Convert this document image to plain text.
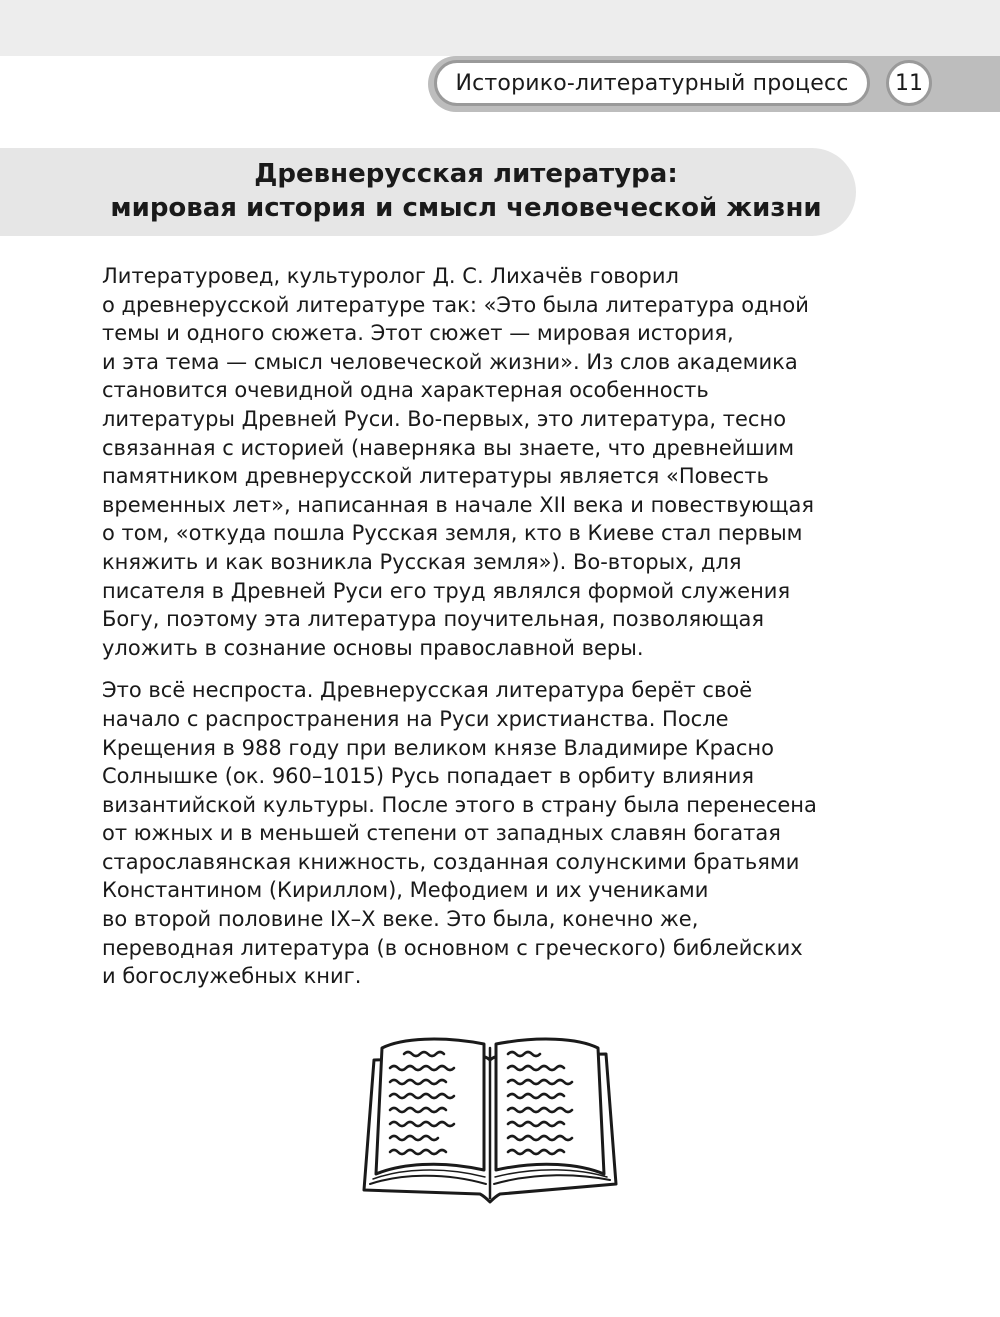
Историко-литературный процесс 11
Древнерусская литература:
мировая история и смысл человеческой жизни

Литературовед, культуролог Д. С. Лихачёв говорил
о древнерусской литературе так: «Это была литература одной
темы и одного сюжета. Этот сюжет — мировая история,
и эта тема — смысл человеческой жизни». Из слов академика
становится очевидной одна характерная особенность
литературы Древней Руси. Во-первых, это литература, тесно
связанная с историей (наверняка вы знаете, что древнейшим
памятником древнерусской литературы является «Повесть
временных лет», написанная в начале XII века и повествующая
о том, «откуда пошла Русская земля, кто в Киеве стал первым
княжить и как возникла Русская земля»). Во-вторых, для
писателя в Древней Руси его труд являлся формой служения
Богу, поэтому эта литература поучительная, позволяющая
уложить в сознание основы православной веры.

Это всё неспроста. Древнерусская литература берёт своё
начало с распространения на Руси христианства. После
Крещения в 988 году при великом князе Владимире Красно
Солнышке (ок. 960–1015) Русь попадает в орбиту влияния
византийской культуры. После этого в страну была перенесена
от южных и в меньшей степени от западных славян богатая
старославянская книжность, созданная солунскими братьями
Константином (Кириллом), Мефодием и их учениками
во второй половине IX–X веке. Это была, конечно же,
переводная литература (в основном с греческого) библейских
и богослужебных книг.
